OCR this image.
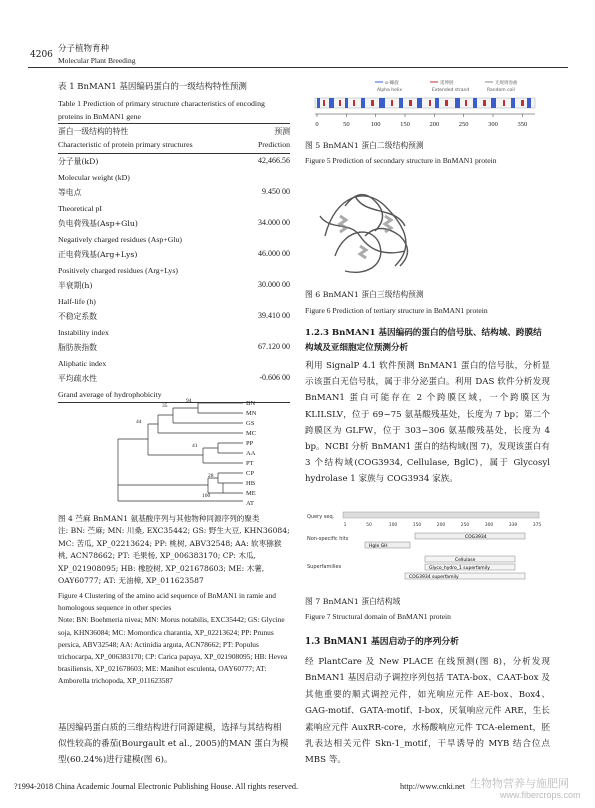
4206
分子植物育种
Molecular Plant Breeding
表 1 BnMAN1 基因编码蛋白的一级结构特性预测
Table 1 Prediction of primary structure characteristics of encoding proteins in BnMAN1 gene
蛋白一级结构的特性	预测
Characteristic of protein primary structures	Prediction
分子量(kD)	42,466.56
Molecular weight (kD)
等电点	9.450 00
Theoretical pI
负电荷残基(Asp+Glu)	34.000 00
Negatively charged residues (Asp+Glu)
正电荷残基(Arg+Lys)	46.000 00
Positively charged residues (Arg+Lys)
半衰期(h)	30.000 00
Half-life (h)
不稳定系数	39.410 00
Instability index
脂肪族指数	67.120 00
Aliphatic index
平均疏水性	-0.606 00
Grand average of hydrophobicity
BN
MN
GS
MC
PP
AA
PT
CP
HB
ME
AT
94
35
44
41
28
100
图 4 苎麻 BnMAN1 氨基酸序列与其他物种同源序列的聚类
注: BN: 苎麻; MN: 川桑, EXC35442; GS: 野生大豆, KHN36084; MC: 苦瓜, XP_02213624; PP: 桃树, ABV32548; AA: 软枣猕猴桃, ACN78662; PT: 毛果杨, XP_006383170; CP: 木瓜, XP_021908095; HB: 橡胶树, XP_021678603; ME: 木薯, OAY60777; AT: 无油樟, XP_011623587
Figure 4 Clustering of the amino acid sequence of BnMAN1 in ramie and homologous sequence in other species
Note: BN: Boehmeria nivea; MN: Morus notabilis, EXC35442; GS: Glycine soja, KHN36084; MC: Momordica charantia, XP_02213624; PP: Prunus persica, ABV32548; AA: Actinidia arguta, ACN78662; PT: Populus trichocarpa, XP_006383170; CP: Carica papaya, XP_021908095; HB: Hevea brasiliensis, XP_021678603; ME: Manihot esculenta, OAY60777; AT: Amborella trichopoda, XP_011623587
基因编码蛋白质的三维结构进行同源建模，选择与其结构相似性较高的番茄(Bourgault et al., 2005)的MAN 蛋白为模型(60.24%)进行建模(图 6)。
α-螺旋
Alpha helix
延伸链
Extended strand
无规则卷曲
Random coil
0	50	100	150	200	250	300	350
图 5 BnMAN1 蛋白二级结构预测
Figure 5 Prediction of secondary structure in BnMAN1 protein
图 6 BnMAN1 蛋白三级结构预测
Figure 6 Prediction of tertiary structure in BnMAN1 protein
1.2.3 BnMAN1 基因编码的蛋白的信号肽、结构域、跨膜结构域及亚细胞定位预测分析
利用 SignalP 4.1 软件预测 BnMAN1 蛋白的信号肽，分析显示该蛋白无信号肽，属于非分泌蛋白。利用 DAS 软件分析发现 BnMAN1 蛋白可能存在 2 个跨膜区域，一个跨膜区为 KLILSLV，位于 69~75 氨基酸残基处，长度为 7 bp；第二个跨膜区为 GLFW，位于 303~306 氨基酸残基处，长度为 4 bp。NCBI 分析 BnMAN1 蛋白的结构域(图 7)，发现该蛋白有 3 个结构域(COG3934, Cellulase, BglC)，属于 Glycosyl hydrolase 1 家族与 COG3934 家族。
Query seq.
1	50	100	150	200	250	300	339	375
Non-specific hits
Superfamilies
COG3934
Hgle GH
Cellulase
Glyco_hydro_1 superfamily
COG3934 superfamily
图 7 BnMAN1 蛋白结构域
Figure 7 Structural domain of BnMAN1 protein
1.3 BnMAN1 基因启动子的序列分析
经 PlantCare 及 New PLACE 在线预测(图 8)，分析发现 BnMAN1 基因启动子调控序列包括 TATA-box、CAAT-box 及其他重要的顺式调控元件，如光响应元件 AE-box、Box4、GAG-motif、GATA-motif、I-box，厌氧响应元件 ARE，生长素响应元件 AuxRR-core，水杨酸响应元件 TCA-element，胚乳表达相关元件 Skn-1_motif，干旱诱导的 MYB 结合位点 MBS 等。
?1994-2018 China Academic Journal Electronic Publishing House. All rights reserved.	http://www.cnki.net 生物物营养与施肥网
www.fibercrops.com
